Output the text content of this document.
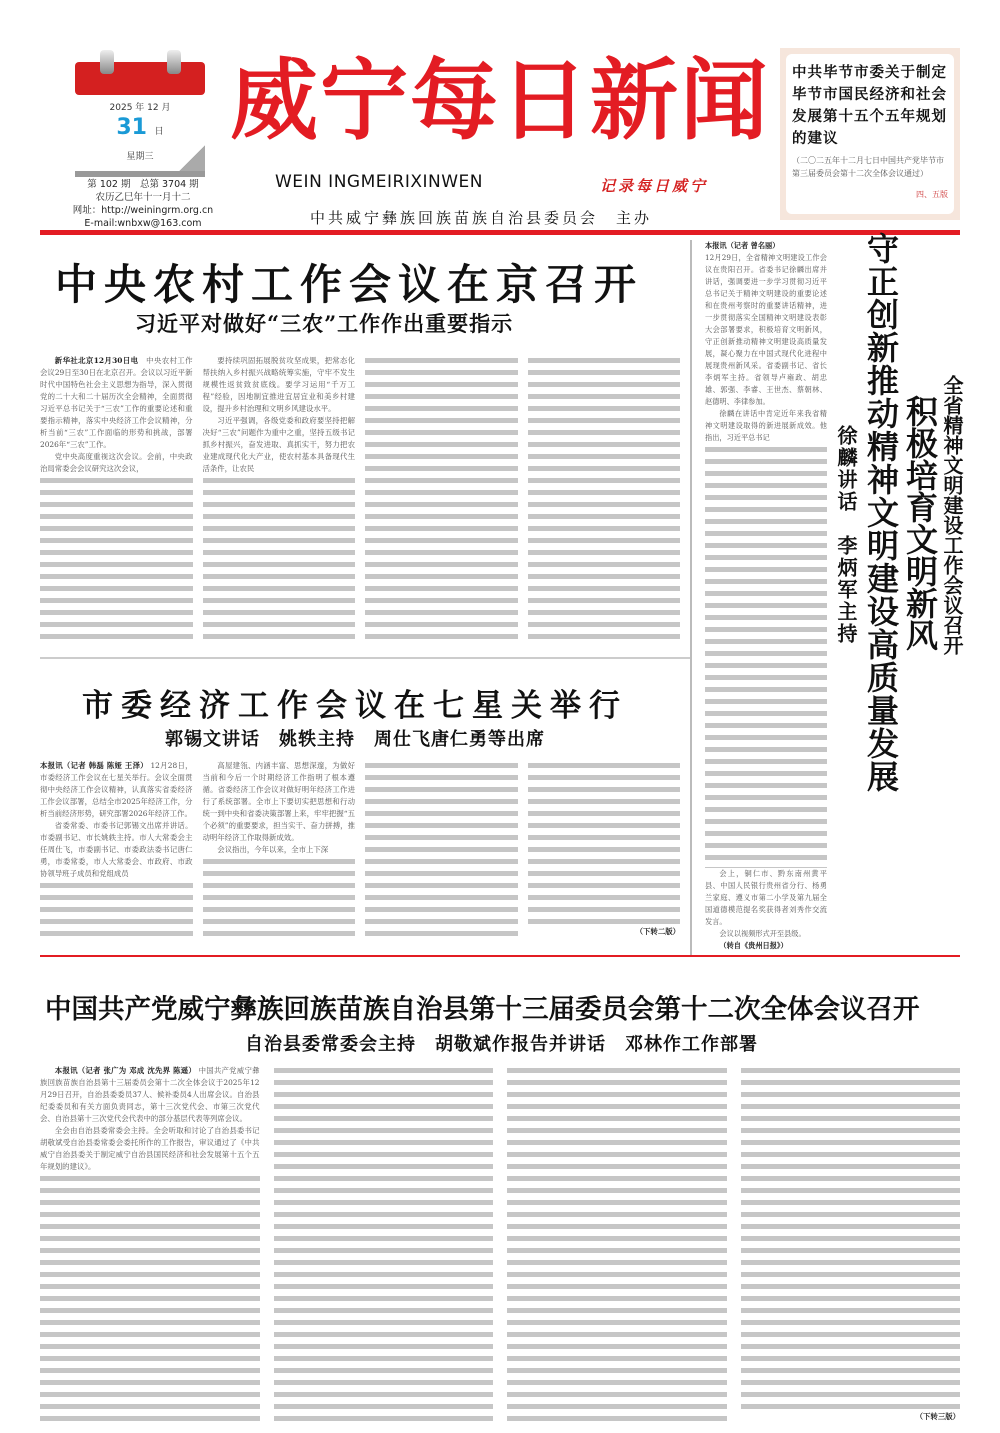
2025 年 12 月
31 日
星期三
第 102 期　总第 3704 期
农历乙巳年十一月十二
网址：http://weiningrm.org.cn
E-mail:wnbxw@163.com
威宁每日新闻
WEIN INGMEIRIXINWEN	记录每日威宁
中共威宁彝族回族苗族自治县委员会　主办
中共毕节市委关于制定毕节市国民经济和社会发展第十五个五年规划的建议

（二〇二五年十二月七日中国共产党毕节市第三届委员会第十二次全体会议通过）

四、五版

中央农村工作会议在京召开
习近平对做好“三农”工作作出重要指示

新华社北京12月30日电　 中央农村工作会议29日至30日在北京召开。会议以习近平新时代中国特色社会主义思想为指导，深入贯彻党的二十大和二十届历次全会精神，全面贯彻习近平总书记关于“三农”工作的重要论述和重要指示精神，落实中央经济工作会议精神，分析当前“三农”工作面临的形势和挑战，部署2026年“三农”工作。

党中央高度重视这次会议。会前，中央政治局常委会会议研究这次会议，

要持续巩固拓展脱贫攻坚成果，把常态化帮扶纳入乡村振兴战略统筹实施，守牢不发生规模性返贫致贫底线。要学习运用“千万工程”经验，因地制宜推进宜居宜业和美乡村建设，提升乡村治理和文明乡风建设水平。

习近平强调，各级党委和政府要坚持把解决好“三农”问题作为重中之重，坚持五级书记抓乡村振兴，奋发进取、真抓实干，努力把农业建成现代化大产业，使农村基本具备现代生活条件，让农民

本报讯（记者 曾名丽）

12月29日，全省精神文明建设工作会议在贵阳召开。省委书记徐麟出席并讲话，强调要进一步学习贯彻习近平总书记关于精神文明建设的重要论述和在贵州考察时的重要讲话精神，进一步贯彻落实全国精神文明建设表彰大会部署要求，积极培育文明新风，守正创新推动精神文明建设高质量发展，凝心聚力在中国式现代化进程中展现贵州新风采。省委副书记、省长李炳军主持。省领导卢雍政、胡忠雄、郭强、李睿、王世杰、蔡朝林、赵德明、李律参加。

徐麟在讲话中肯定近年来我省精神文明建设取得的新进展新成效。他指出，习近平总书记

会上，铜仁市、黔东南州黄平县、中国人民银行贵州省分行、杨勇兰家庭、遵义市第二小学及第九届全国道德模范提名奖获得者刘秀作交流发言。

会议以视频形式开至县级。

（转自《贵州日报》）

守正创新推动精神文明建设高质量发展 积极培育文明新风 全省精神文明建设工作会议召开
徐麟讲话　李炳军主持
市委经济工作会议在七星关举行
郭锡文讲话　姚轶主持　周仕飞唐仁勇等出席

本报讯（记者 韩磊 陈娅 王泽） 12月28日，市委经济工作会议在七星关举行。会议全面贯彻中央经济工作会议精神，认真落实省委经济工作会议部署，总结全市2025年经济工作，分析当前经济形势，研究部署2026年经济工作。

省委常委、市委书记郭锡文出席并讲话。市委副书记、市长姚轶主持。市人大常委会主任周仕飞，市委副书记、市委政法委书记唐仁勇，市委常委，市人大常委会、市政府、市政协领导班子成员和党组成员

高屋建瓴、内涵丰富、思想深邃，为做好当前和今后一个时期经济工作指明了根本遵循。省委经济工作会议对做好明年经济工作进行了系统部署。全市上下要切实把思想和行动统一到中央和省委决策部署上来，牢牢把握“五个必须”的重要要求，担当实干、奋力拼搏，推动明年经济工作取得新成效。

会议指出，今年以来，全市上下深

（下转二版）

中国共产党威宁彝族回族苗族自治县第十三届委员会第十二次全体会议召开
自治县委常委会主持　胡敬斌作报告并讲话　邓林作工作部署

本报讯（记者 张广为 邓成 沈先界 陈遥） 中国共产党威宁彝族回族苗族自治县第十三届委员会第十二次全体会议于2025年12月29日召开，自治县委委员37人、候补委员4人出席会议。自治县纪委委员和有关方面负责同志，第十三次党代会、市第三次党代会、自治县第十三次党代会代表中的部分基层代表等列席会议。

全会由自治县委常委会主持。全会听取和讨论了自治县委书记胡敬斌受自治县委常委会委托所作的工作报告，审议通过了《中共威宁自治县委关于制定威宁自治县国民经济和社会发展第十五个五年规划的建议》。

（下转三版）
